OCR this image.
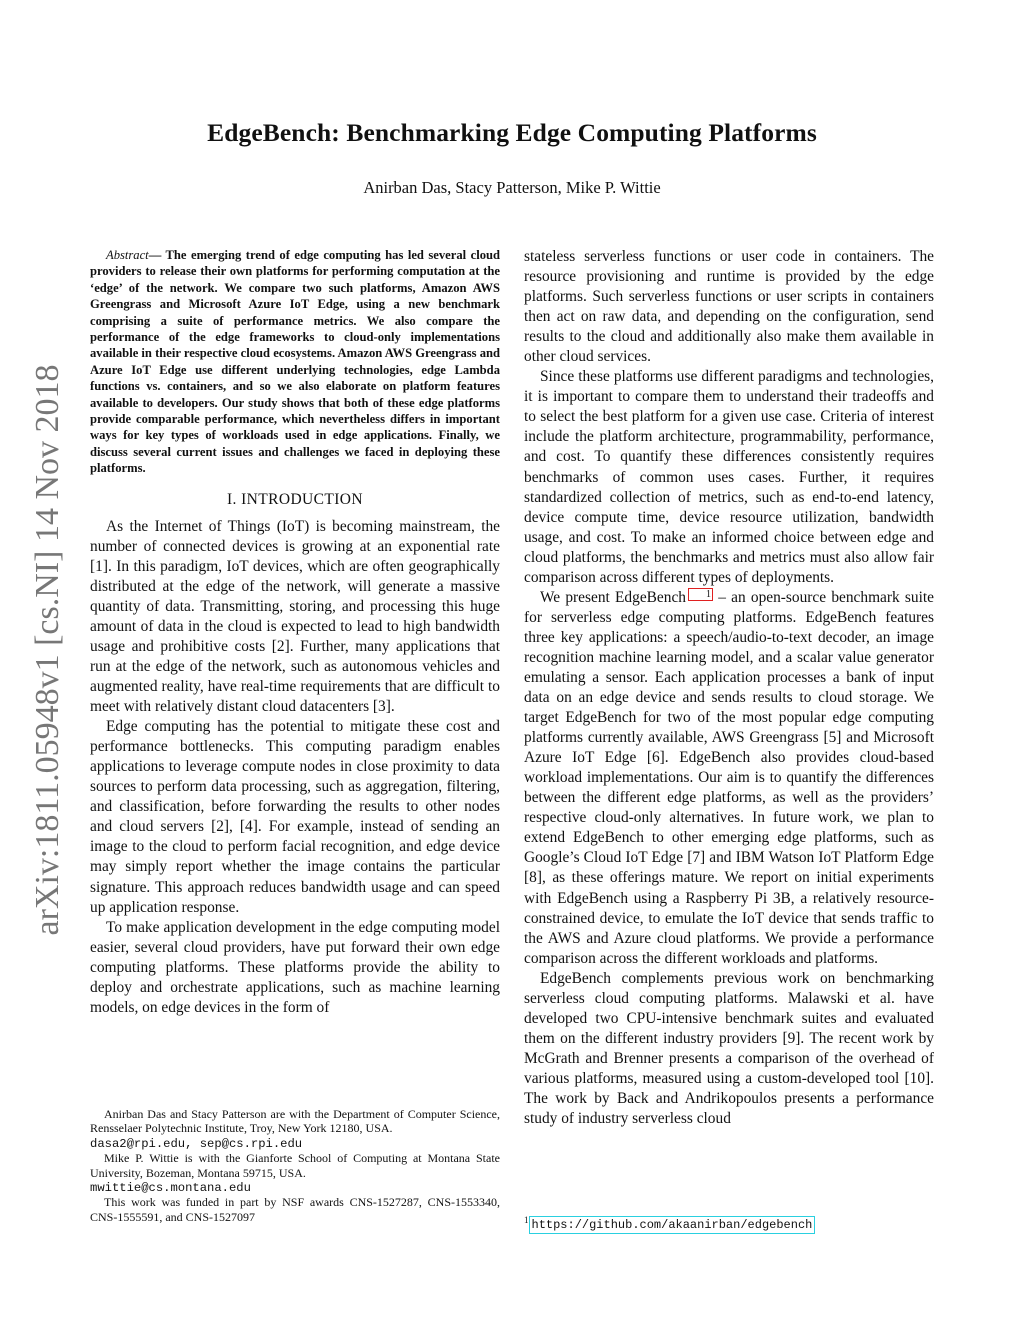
EdgeBench: Benchmarking Edge Computing Platforms
Anirban Das, Stacy Patterson, Mike P. Wittie
arXiv:1811.05948v1 [cs.NI] 14 Nov 2018

Abstract— The emerging trend of edge computing has led several cloud providers to release their own platforms for performing computation at the ‘edge’ of the network. We compare two such platforms, Amazon AWS Greengrass and Microsoft Azure IoT Edge, using a new benchmark comprising a suite of performance metrics. We also compare the performance of the edge frameworks to cloud-only implementations available in their respective cloud ecosystems. Amazon AWS Greengrass and Azure IoT Edge use different underlying technologies, edge Lambda functions vs. containers, and so we also elaborate on platform features available to developers. Our study shows that both of these edge platforms provide comparable performance, which nevertheless differs in important ways for key types of workloads used in edge applications. Finally, we discuss several current issues and challenges we faced in deploying these platforms.

I. INTRODUCTION

As the Internet of Things (IoT) is becoming mainstream, the number of connected devices is growing at an exponential rate [1]. In this paradigm, IoT devices, which are often geographically distributed at the edge of the network, will generate a massive quantity of data. Transmitting, storing, and processing this huge amount of data in the cloud is expected to lead to high bandwidth usage and prohibitive costs [2]. Further, many applications that run at the edge of the network, such as autonomous vehicles and augmented reality, have real-time requirements that are difficult to meet with relatively distant cloud datacenters [3].

Edge computing has the potential to mitigate these cost and performance bottlenecks. This computing paradigm enables applications to leverage compute nodes in close proximity to data sources to perform data processing, such as aggregation, filtering, and classification, before forwarding the results to other nodes and cloud servers [2], [4]. For example, instead of sending an image to the cloud to perform facial recognition, and edge device may simply report whether the image contains the particular signature. This approach reduces bandwidth usage and can speed up application response.

To make application development in the edge computing model easier, several cloud providers, have put forward their own edge computing platforms. These platforms provide the ability to deploy and orchestrate applications, such as machine learning models, on edge devices in the form of

Anirban Das and Stacy Patterson are with the Department of Computer Science, Rensselaer Polytechnic Institute, Troy, New York 12180, USA.
dasa2@rpi.edu, sep@cs.rpi.edu

Mike P. Wittie is with the Gianforte School of Computing at Montana State University, Bozeman, Montana 59715, USA.
mwittie@cs.montana.edu

This work was funded in part by NSF awards CNS-1527287, CNS-1553340, CNS-1555591, and CNS-1527097

stateless serverless functions or user code in containers. The resource provisioning and runtime is provided by the edge platforms. Such serverless functions or user scripts in containers then act on raw data, and depending on the configuration, send results to the cloud and additionally also make them available in other cloud services.

Since these platforms use different paradigms and technologies, it is important to compare them to understand their tradeoffs and to select the best platform for a given use case. Criteria of interest include the platform architecture, programmability, performance, and cost. To quantify these differences consistently requires benchmarks of common uses cases. Further, it requires standardized collection of metrics, such as end-to-end latency, device compute time, device resource utilization, bandwidth usage, and cost. To make an informed choice between edge and cloud platforms, the benchmarks and metrics must also allow fair comparison across different types of deployments.

We present EdgeBench 1 – an open-source benchmark suite for serverless edge computing platforms. EdgeBench features three key applications: a speech/audio-to-text decoder, an image recognition machine learning model, and a scalar value generator emulating a sensor. Each application processes a bank of input data on an edge device and sends results to cloud storage. We target EdgeBench for two of the most popular edge computing platforms currently available, AWS Greengrass [5] and Microsoft Azure IoT Edge [6]. EdgeBench also provides cloud-based workload implementations. Our aim is to quantify the differences between the different edge platforms, as well as the providers’ respective cloud-only alternatives. In future work, we plan to extend EdgeBench to other emerging edge platforms, such as Google’s Cloud IoT Edge [7] and IBM Watson IoT Platform Edge [8], as these offerings mature. We report on initial experiments with EdgeBench using a Raspberry Pi 3B, a relatively resource-constrained device, to emulate the IoT device that sends traffic to the AWS and Azure cloud platforms. We provide a performance comparison across the different workloads and platforms.

EdgeBench complements previous work on benchmarking serverless cloud computing platforms. Malawski et al. have developed two CPU-intensive benchmark suites and evaluated them on the different industry providers [9]. The recent work by McGrath and Brenner presents a comparison of the overhead of various platforms, measured using a custom-developed tool [10]. The work by Back and Andrikopoulos presents a performance study of industry serverless cloud

$^1$ https://github.com/akaanirban/edgebench
